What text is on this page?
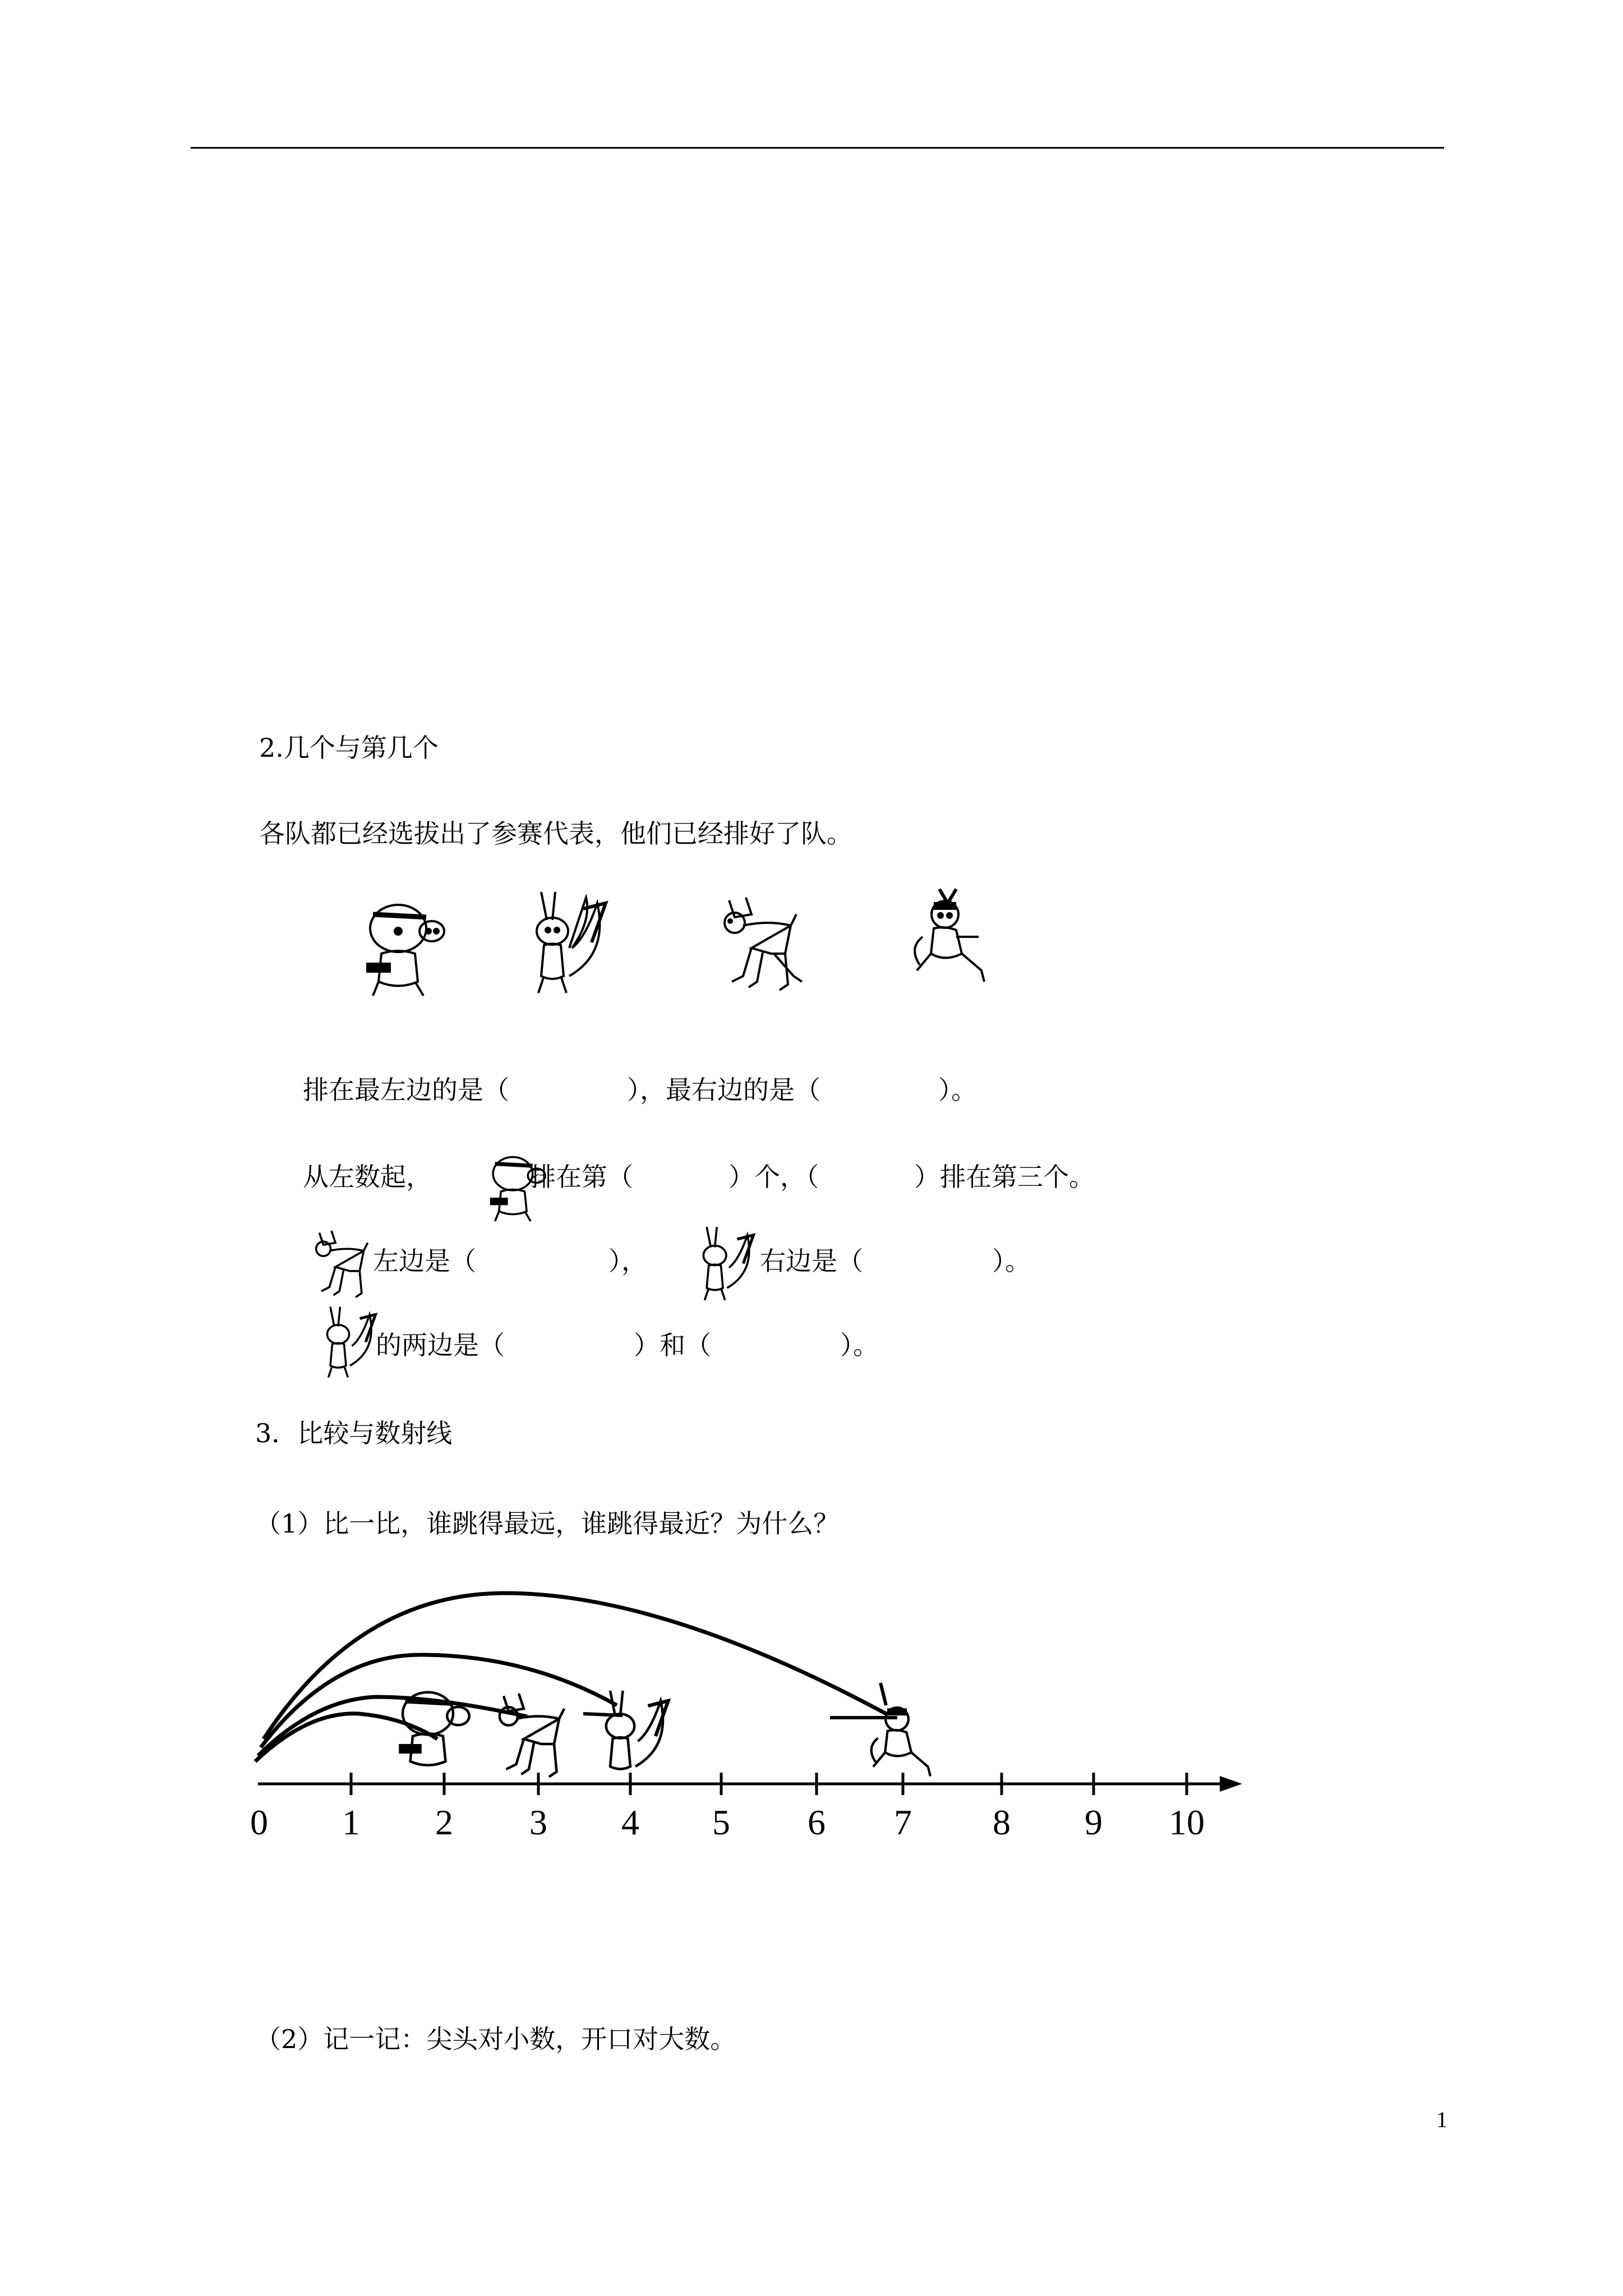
2.几个与第几个
各队都已经选拔出了参赛代表，他们已经排好了队。
排在最左边的是（	），最右边的是（	）。
从左数起，	排在第（	）个，（	）排在第三个。
左边是（	），	右边是（	）。
的两边是（	）和（	）。
3．比较与数射线
（1）比一比，谁跳得最远，谁跳得最近？为什么？
0 1 2 3 4 5 6 7 8 9 10
（2）记一记：尖头对小数，开口对大数。
1
